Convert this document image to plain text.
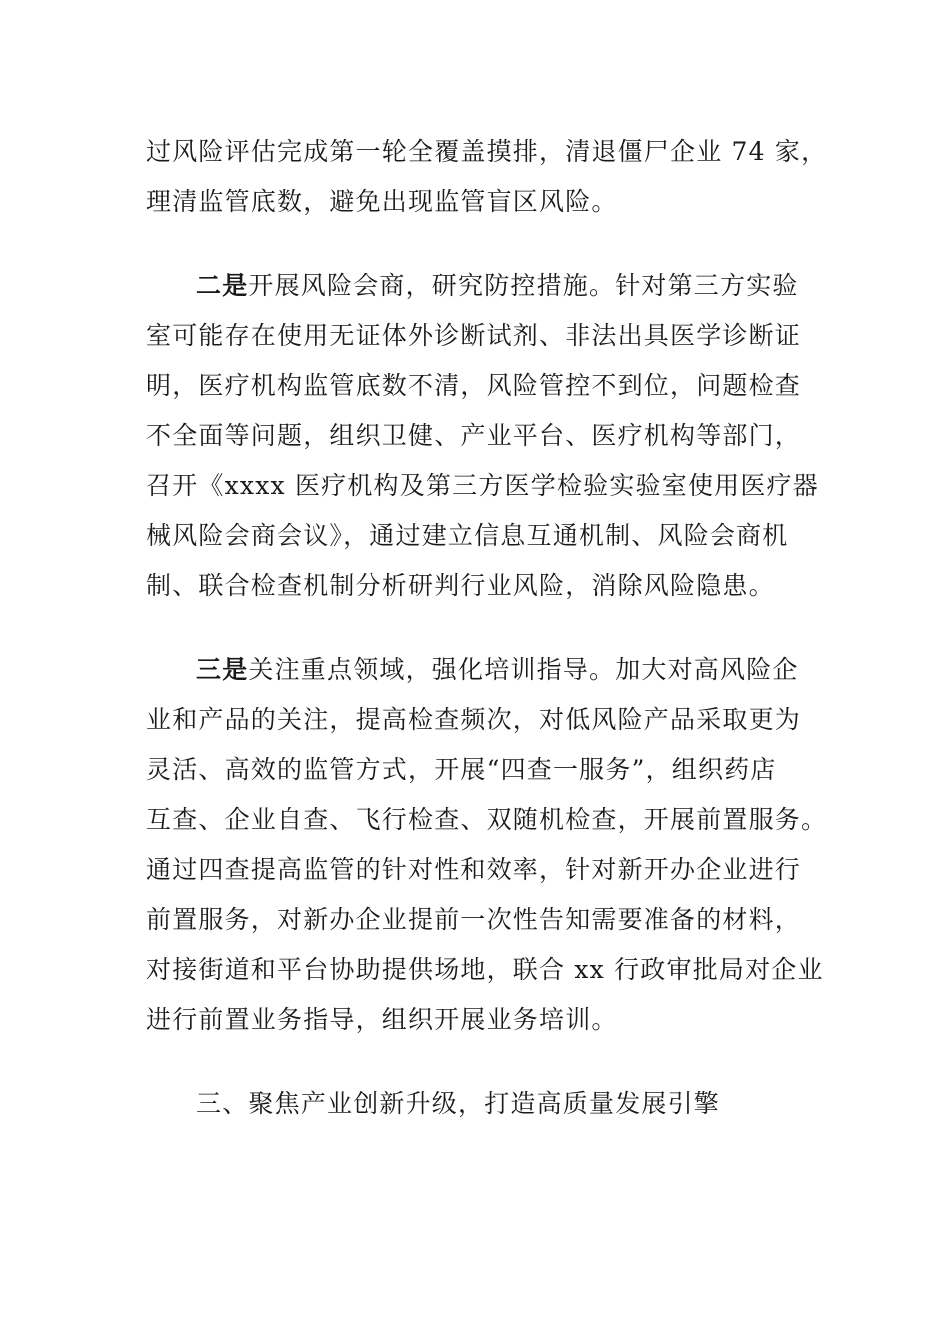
过风险评估完成第一轮全覆盖摸排，清退僵尸企业 74 家，
理清监管底数，避免出现监管盲区风险。
二是开展风险会商，研究防控措施。针对第三方实验
室可能存在使用无证体外诊断试剂、非法出具医学诊断证
明，医疗机构监管底数不清，风险管控不到位，问题检查
不全面等问题，组织卫健、产业平台、医疗机构等部门，
召开《xxxx 医疗机构及第三方医学检验实验室使用医疗器
械风险会商会议》，通过建立信息互通机制、风险会商机
制、联合检查机制分析研判行业风险，消除风险隐患。
三是关注重点领域，强化培训指导。加大对高风险企
业和产品的关注，提高检查频次，对低风险产品采取更为
灵活、高效的监管方式，开展“四查一服务”，组织药店
互查、企业自查、飞行检查、双随机检查，开展前置服务。
通过四查提高监管的针对性和效率，针对新开办企业进行
前置服务，对新办企业提前一次性告知需要准备的材料，
对接街道和平台协助提供场地，联合 xx 行政审批局对企业
进行前置业务指导，组织开展业务培训。
三、聚焦产业创新升级，打造高质量发展引擎
